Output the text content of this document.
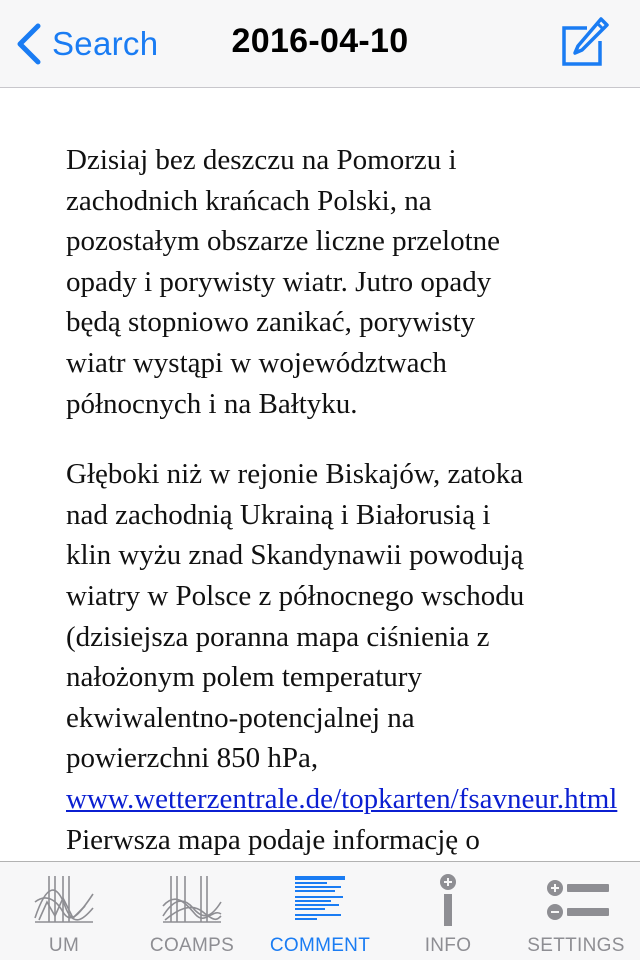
Search	2016-04-10

Dzisiaj bez deszczu na Pomorzu i
zachodnich krańcach Polski, na
pozostałym obszarze liczne przelotne
opady i porywisty wiatr. Jutro opady
będą stopniowo zanikać, porywisty
wiatr wystąpi w województwach
północnych i na Bałtyku.

Głęboki niż w rejonie Biskajów, zatoka
nad zachodnią Ukrainą i Białorusią i
klin wyżu znad Skandynawii powodują
wiatry w Polsce z północnego wschodu
(dzisiejsza poranna mapa ciśnienia z
nałożonym polem temperatury
ekwiwalentno-potencjalnej na
powierzchni 850 hPa,
www.wetterzentrale.de/topkarten/fsavneur.html
Pierwsza mapa podaje informację o

UM	COAMPS	COMMENT	INFO	SETTINGS
